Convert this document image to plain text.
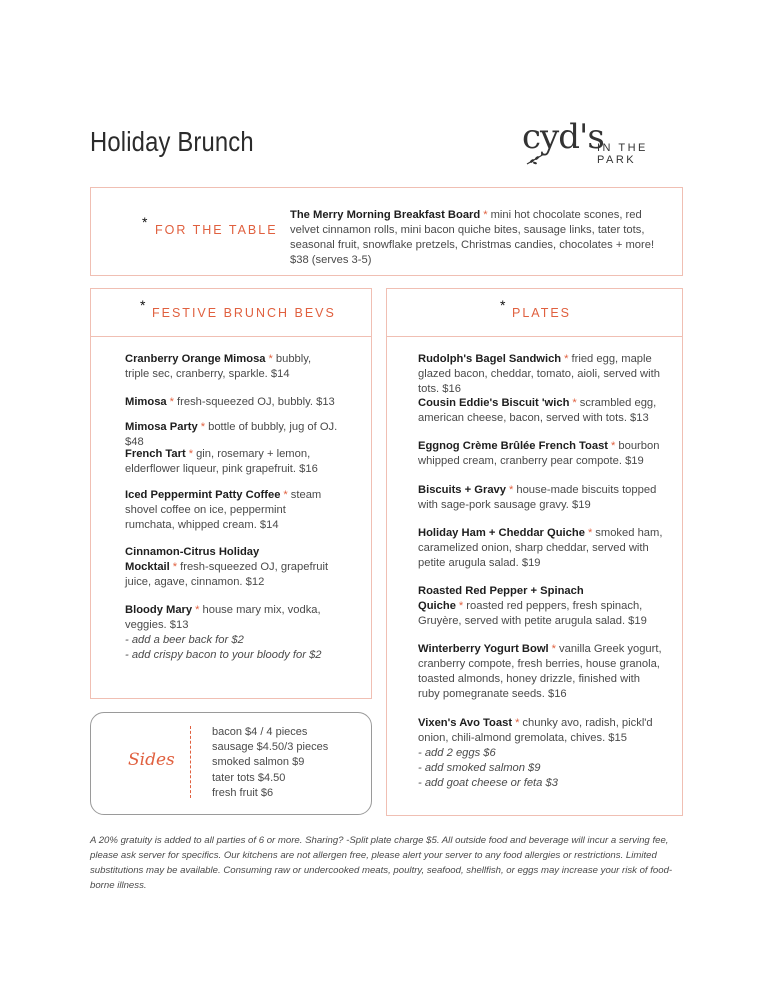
Holiday Brunch	cyd's
IN THE PARK
* FOR THE TABLE
The Merry Morning Breakfast Board * mini hot chocolate scones, red velvet cinnamon rolls, mini bacon quiche bites, sausage links, tater tots, seasonal fruit, snowflake pretzels, Christmas candies, chocolates + more! $38 (serves 3-5)
* FESTIVE BRUNCH BEVS
Cranberry Orange Mimosa * bubbly, triple sec, cranberry, sparkle. $14
Mimosa * fresh-squeezed OJ, bubbly. $13
Mimosa Party * bottle of bubbly, jug of OJ. $48
French Tart * gin, rosemary + lemon, elderflower liqueur, pink grapefruit. $16
Iced Peppermint Patty Coffee * steam shovel coffee on ice, peppermint rumchata, whipped cream. $14
Cinnamon-Citrus Holiday Mocktail * fresh-squeezed OJ, grapefruit juice, agave, cinnamon. $12
Bloody Mary * house mary mix, vodka, veggies. $13
- add a beer back for $2
- add crispy bacon to your bloody for $2
* PLATES
Rudolph's Bagel Sandwich * fried egg, maple glazed bacon, cheddar, tomato, aioli, served with tots. $16
Cousin Eddie's Biscuit 'wich * scrambled egg, american cheese, bacon, served with tots. $13
Eggnog Crème Brûlée French Toast * bourbon whipped cream, cranberry pear compote. $19
Biscuits + Gravy * house-made biscuits topped with sage-pork sausage gravy. $19
Holiday Ham + Cheddar Quiche * smoked ham, caramelized onion, sharp cheddar, served with petite arugula salad. $19
Roasted Red Pepper + Spinach Quiche * roasted red peppers, fresh spinach, Gruyère, served with petite arugula salad. $19
Winterberry Yogurt Bowl * vanilla Greek yogurt, cranberry compote, fresh berries, house granola, toasted almonds, honey drizzle, finished with ruby pomegranate seeds. $16
Vixen's Avo Toast * chunky avo, radish, pickl'd onion, chili-almond gremolata, chives. $15
- add 2 eggs $6
- add smoked salmon $9
- add goat cheese or feta $3
Sides
bacon $4 / 4 pieces
sausage $4.50/3 pieces
smoked salmon $9
tater tots $4.50
fresh fruit $6
A 20% gratuity is added to all parties of 6 or more. Sharing? -Split plate charge $5. All outside food and beverage will incur a serving fee, please ask server for specifics. Our kitchens are not allergen free, please alert your server to any food allergies or restrictions. Limited substitutions may be available. Consuming raw or undercooked meats, poultry, seafood, shellfish, or eggs may increase your risk of food-borne illness.
